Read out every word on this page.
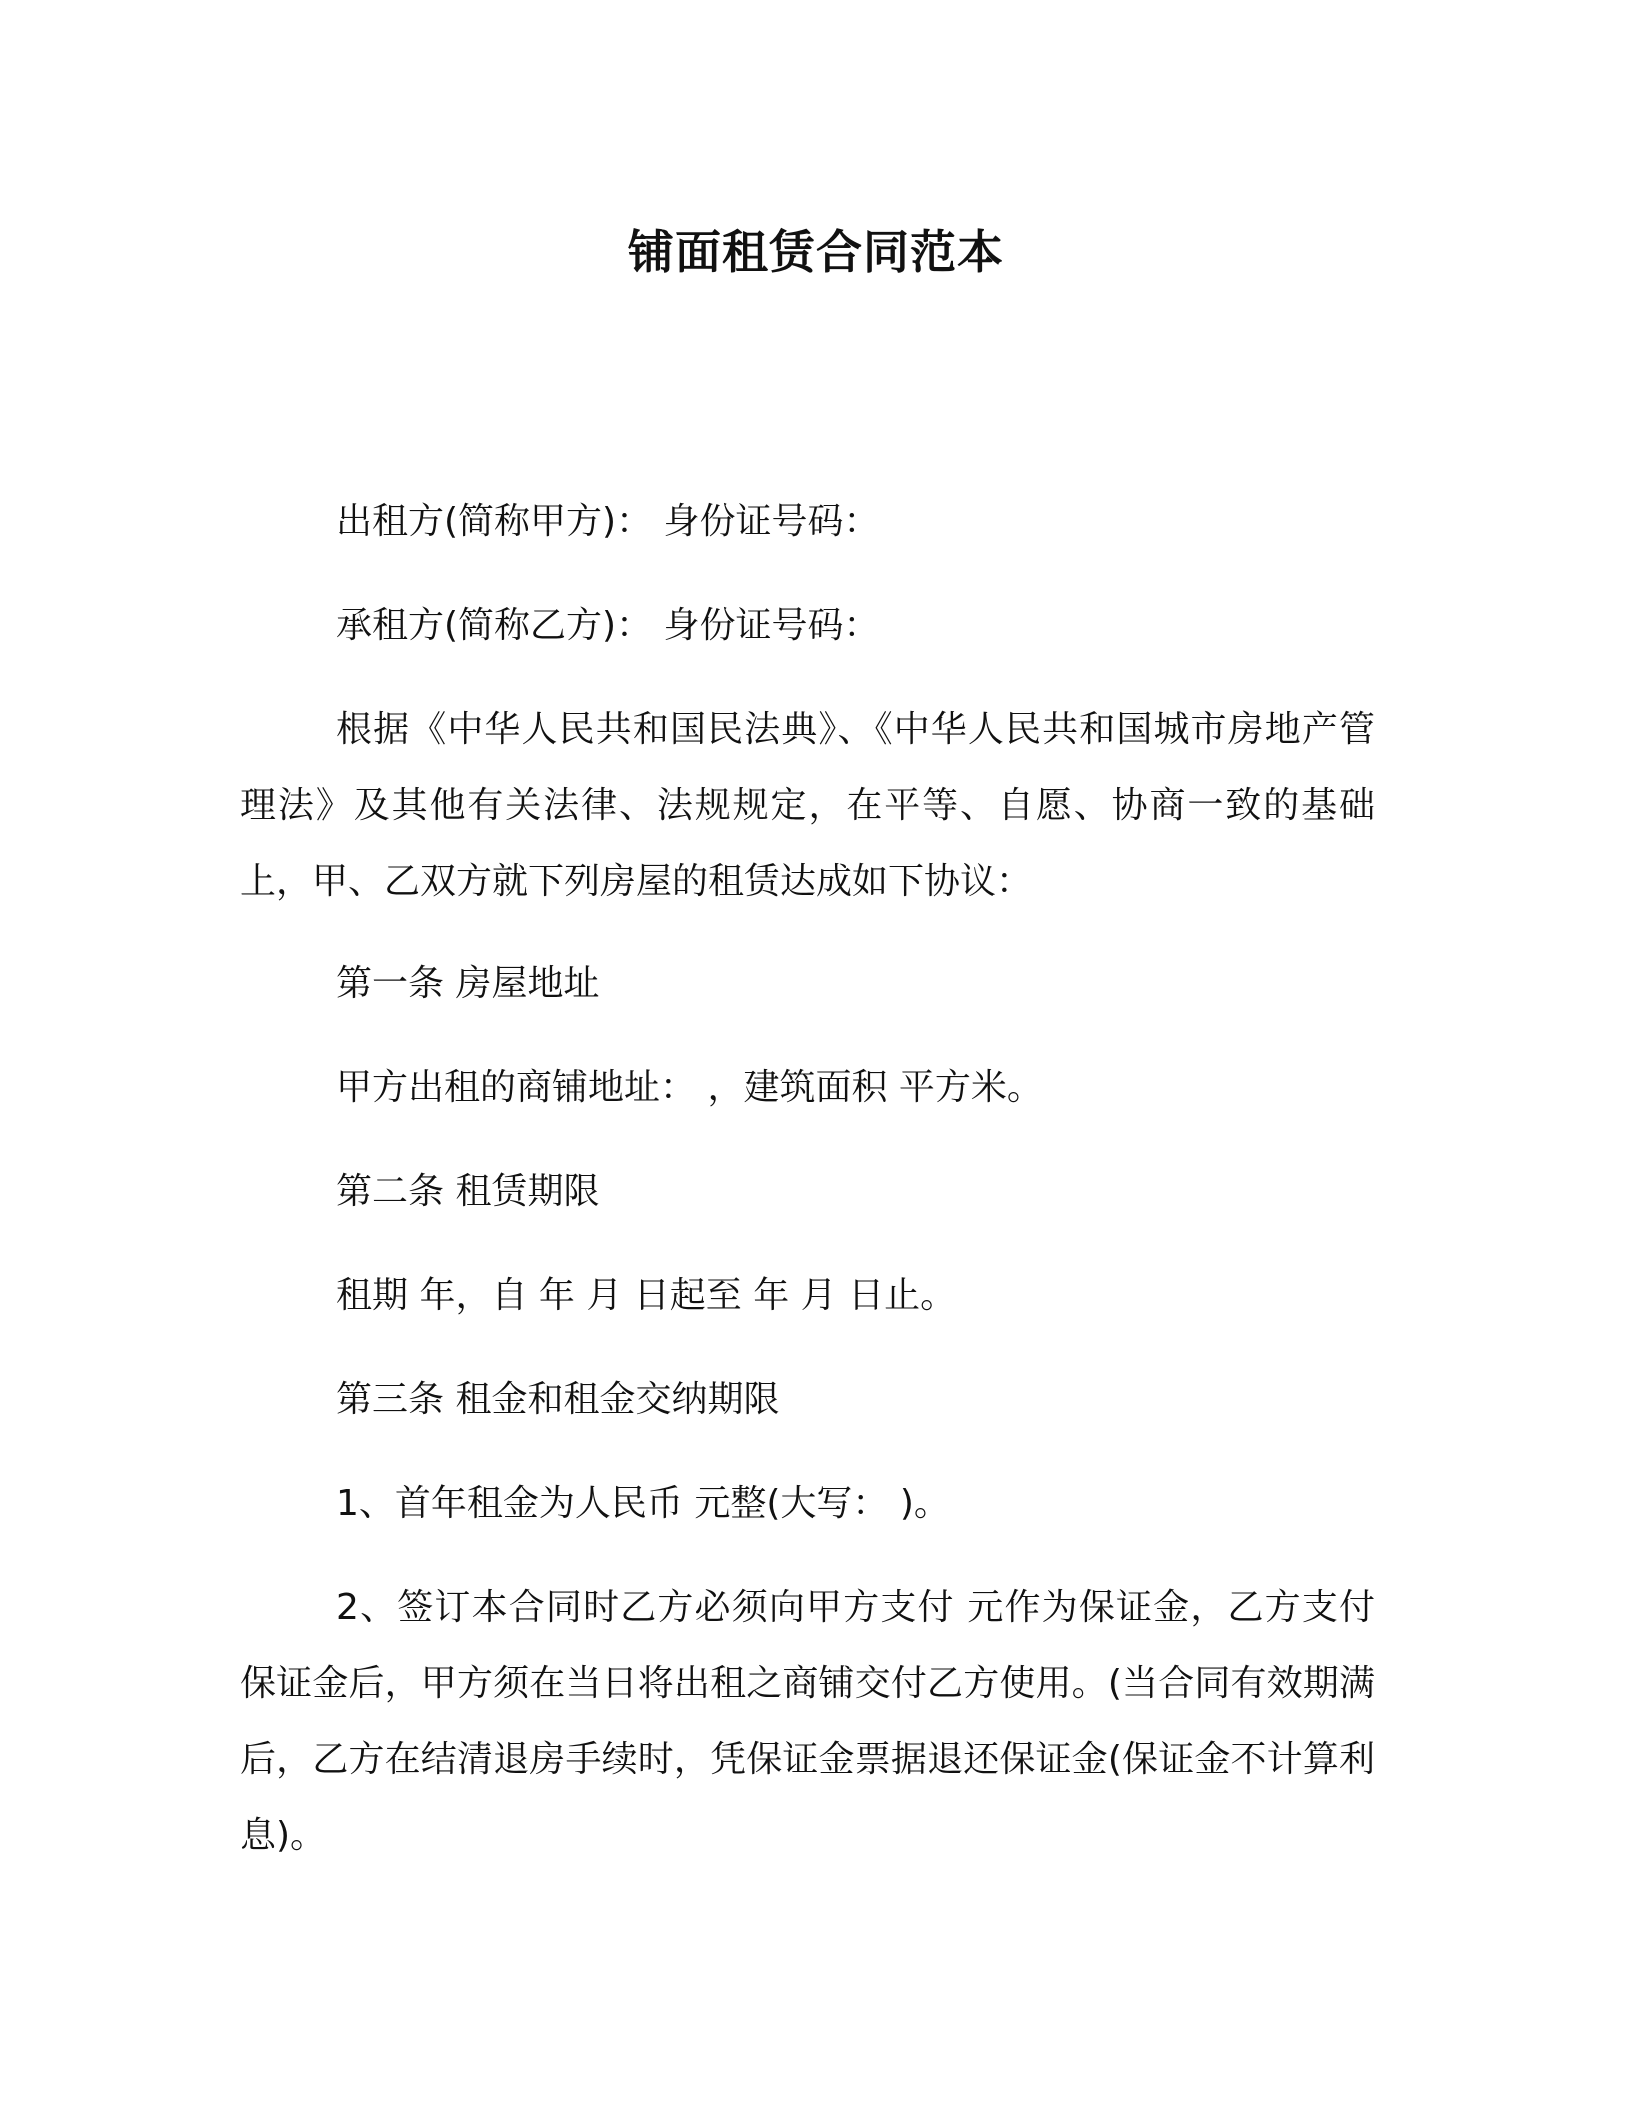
铺面租赁合同范本

出租方(简称甲方)： 身份证号码：

承租方(简称乙方)： 身份证号码：

根据《中华人民共和国民法典》、《中华人民共和国城市房地产管理法》及其他有关法律、法规规定，在平等、自愿、协商一致的基础上，甲、乙双方就下列房屋的租赁达成如下协议：

第一条 房屋地址

甲方出租的商铺地址： ，建筑面积 平方米。

第二条 租赁期限

租期 年，自 年 月 日起至 年 月 日止。

第三条 租金和租金交纳期限

1、首年租金为人民币 元整(大写： )。

2、签订本合同时乙方必须向甲方支付 元作为保证金，乙方支付保证金后，甲方须在当日将出租之商铺交付乙方使用。(当合同有效期满后，乙方在结清退房手续时，凭保证金票据退还保证金(保证金不计算利息)。
